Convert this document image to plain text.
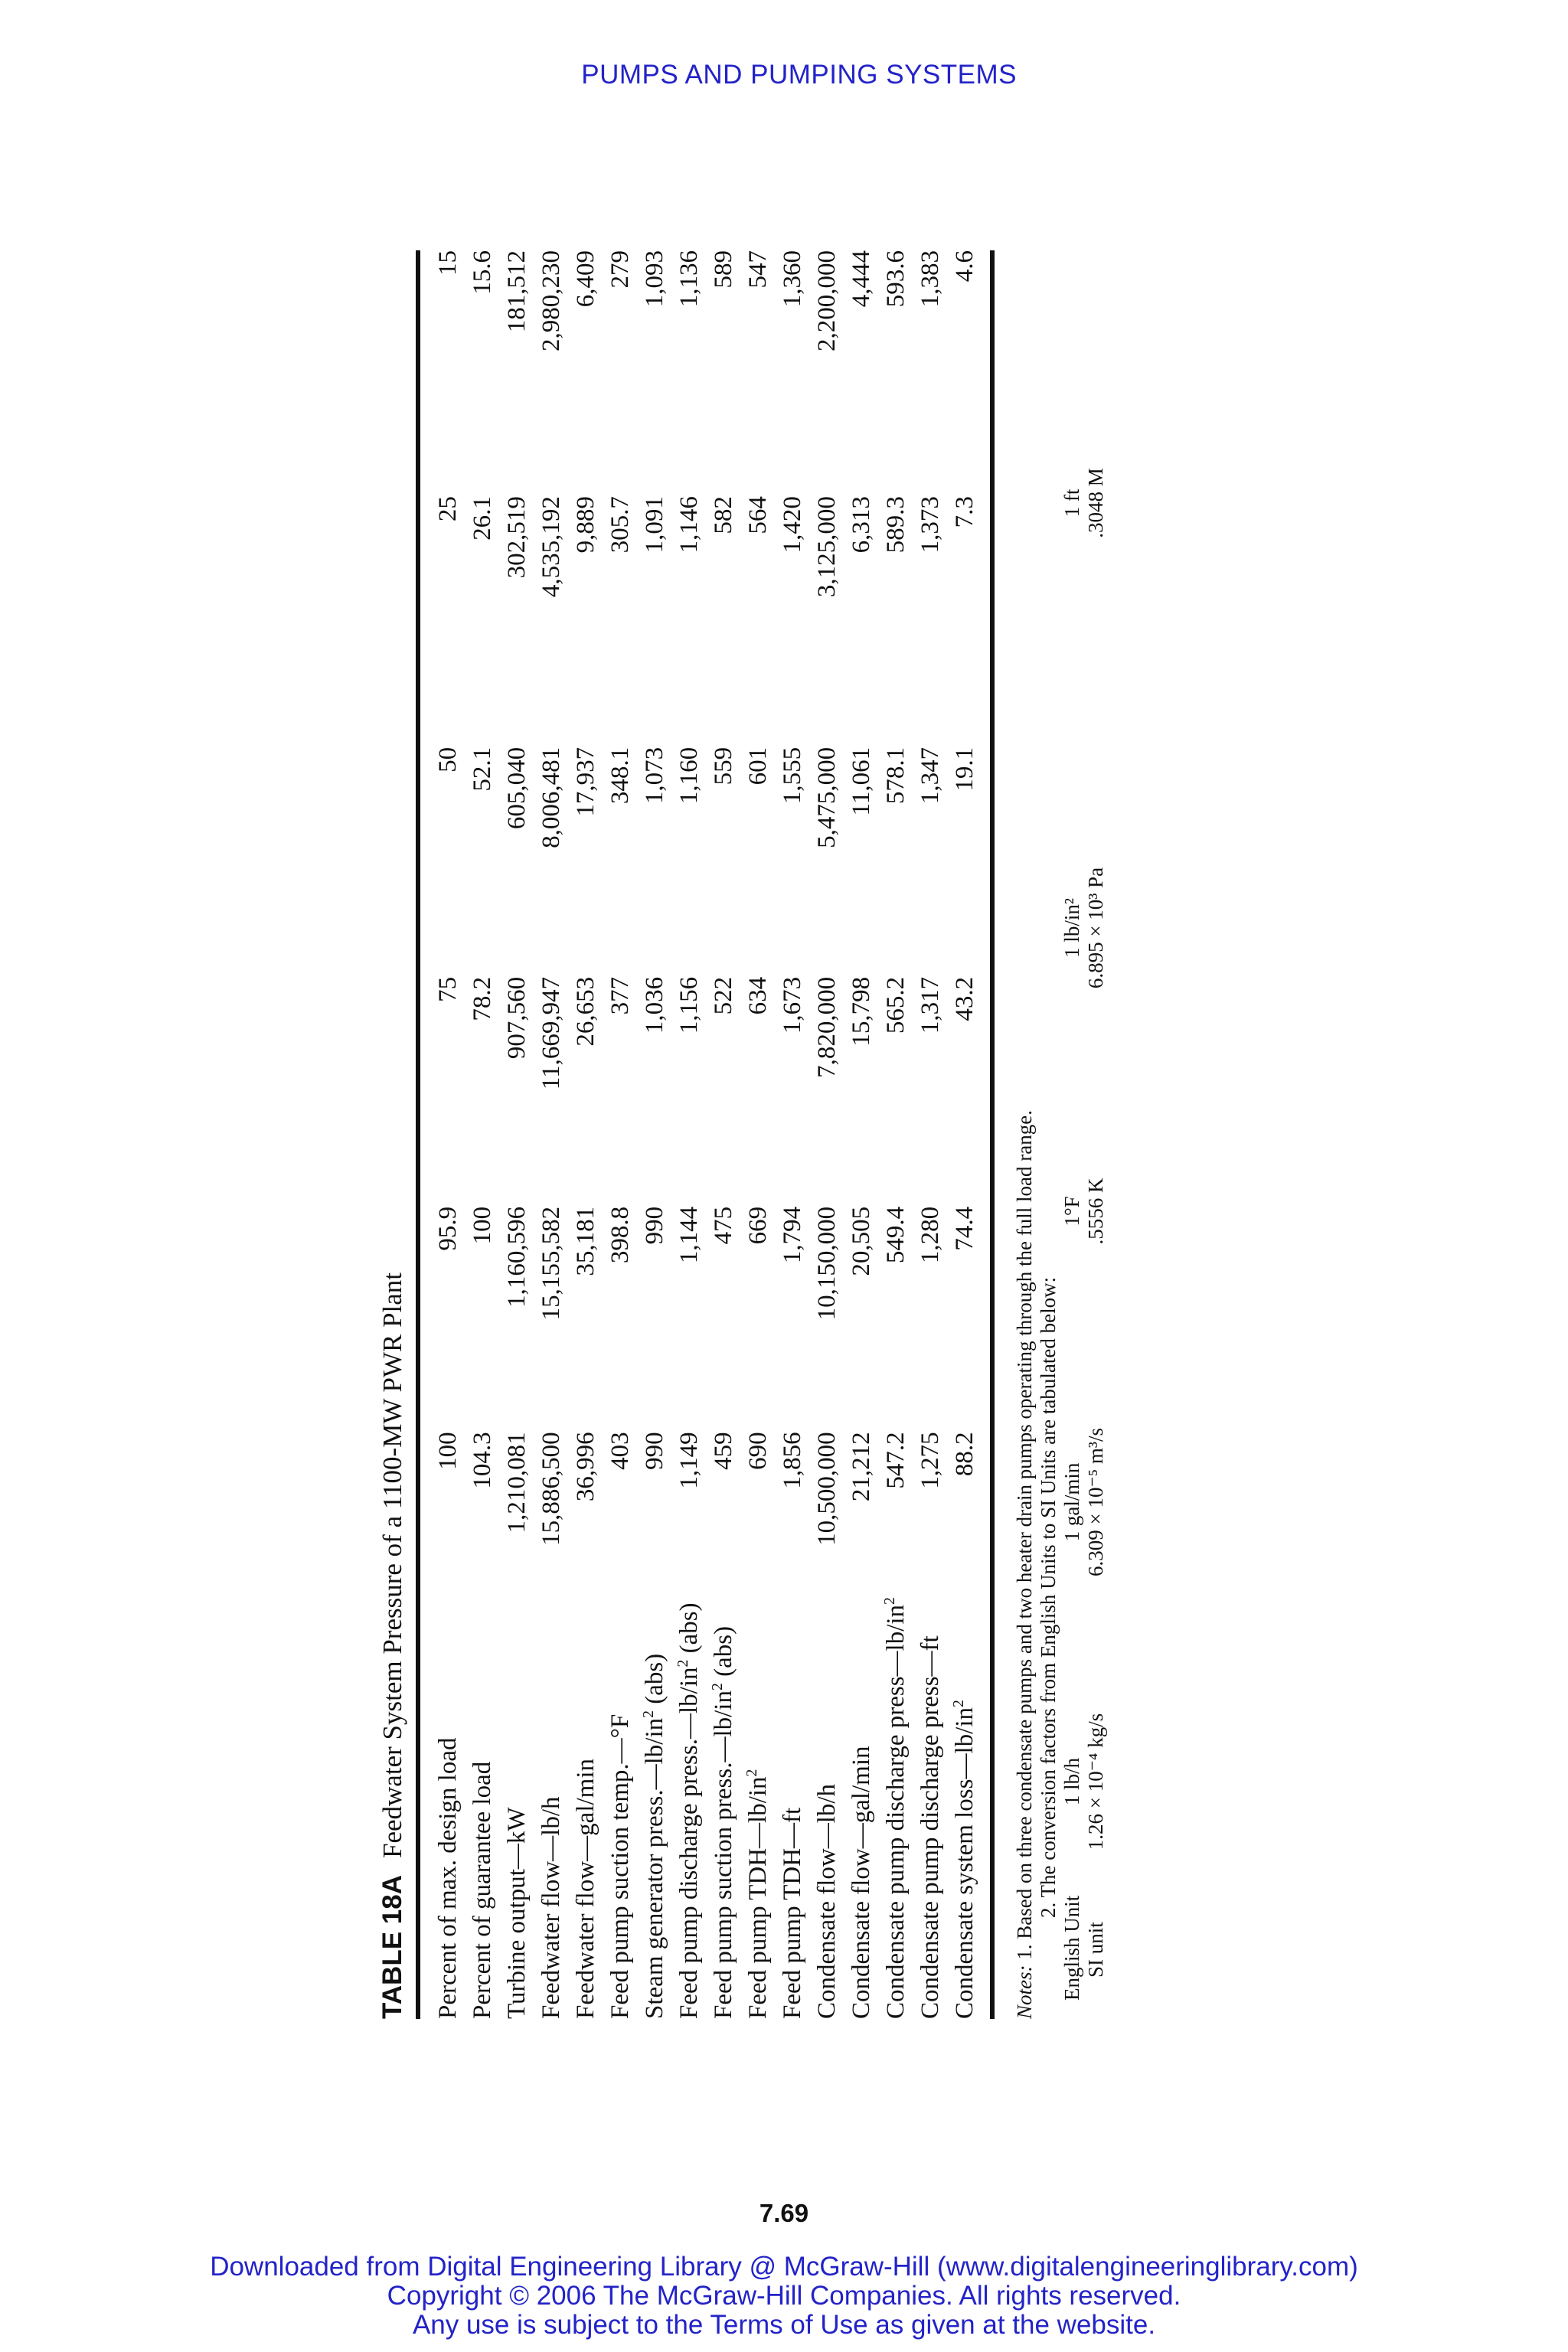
PUMPS AND PUMPING SYSTEMS
TABLE 18AFeedwater System Pressure of a 1100-MW PWR Plant
Percent of max. design load	100	95.9	75	50	25	15
Percent of guarantee load	104.3	100	78.2	52.1	26.1	15.6
Turbine output—kW	1,210,081	1,160,596	907,560	605,040	302,519	181,512
Feedwater flow—lb/h	15,886,500	15,155,582	11,669,947	8,006,481	4,535,192	2,980,230
Feedwater flow—gal/min	36,996	35,181	26,653	17,937	9,889	6,409
Feed pump suction temp.—°F	403	398.8	377	348.1	305.7	279
Steam generator $press.—lb/in^2$ (abs)	990	990	1,036	1,073	1,091	1,093
Feed pump discharge $press.—lb/in^2$ (abs)	1,149	1,144	1,156	1,160	1,146	1,136
Feed pump suction $press.—lb/in^2$ (abs)	459	475	522	559	582	589
Feed pump $TDH—lb/in^2$	690	669	634	601	564	547
Feed pump TDH—ft	1,856	1,794	1,673	1,555	1,420	1,360
Condensate flow—lb/h	10,500,000	10,150,000	7,820,000	5,475,000	3,125,000	2,200,000
Condensate flow—gal/min	21,212	20,505	15,798	11,061	6,313	4,444
Condensate pump discharge $press—lb/in^2$	547.2	549.4	565.2	578.1	589.3	593.6
Condensate pump discharge press—ft	1,275	1,280	1,317	1,347	1,373	1,383
Condensate system $loss—lb/in^2$	88.2	74.4	43.2	19.1	7.3	4.6
Notes: 1. Based on three condensate pumps and two heater drain pumps operating through the full load range. 2. The conversion factors from English Units to SI Units are tabulated below:
English Unit	1 lb/h	1 gal/min	1°F	1 lb/in²	1 ft
SI unit	1.26 × 10⁻⁴ kg/s	6.309 × 10⁻⁵ m³/s	.5556 K	6.895 × 10³ Pa	.3048 M
7.69
Downloaded from Digital Engineering Library @ McGraw-Hill (www.digitalengineeringlibrary.com)
Copyright © 2006 The McGraw-Hill Companies. All rights reserved.
Any use is subject to the Terms of Use as given at the website.
